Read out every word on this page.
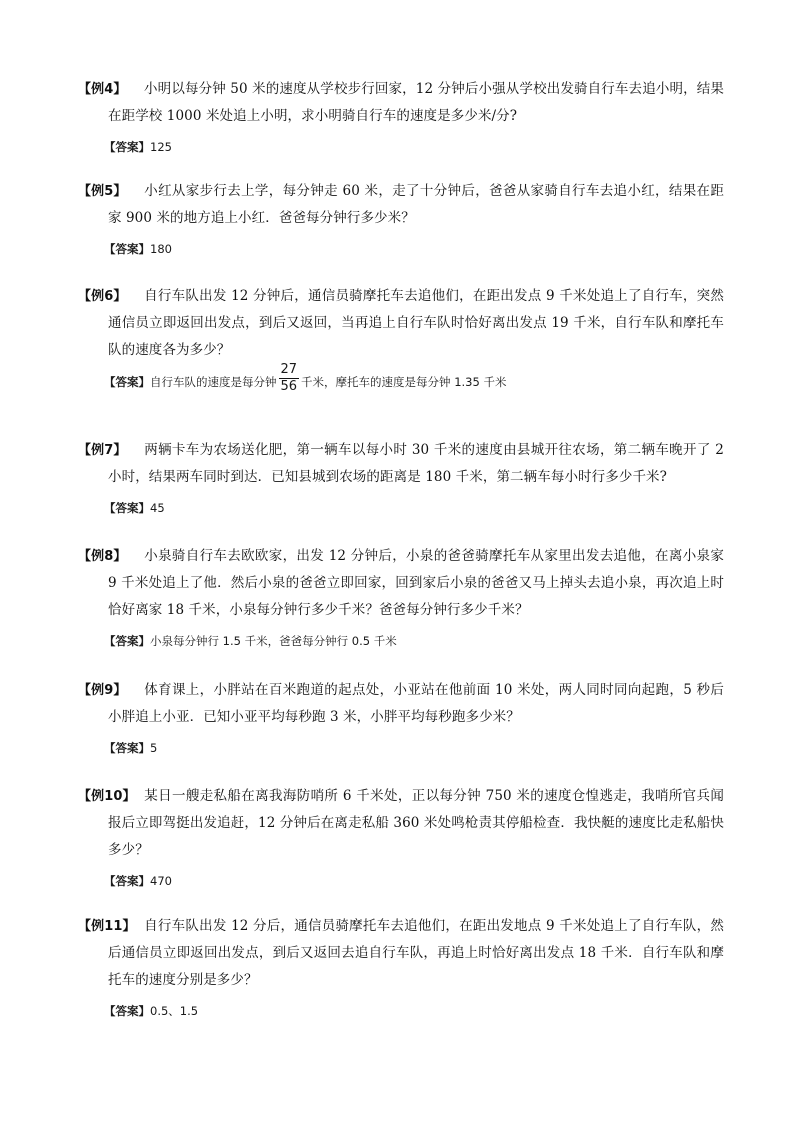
【例4】 小明以每分钟 50 米的速度从学校步行回家，12 分钟后小强从学校出发骑自行车去追小明，结果在距学校 1000 米处追上小明，求小明骑自行车的速度是多少米/分?

【答案】125

【例5】 小红从家步行去上学，每分钟走 60 米，走了十分钟后，爸爸从家骑自行车去追小红，结果在距家 900 米的地方追上小红．爸爸每分钟行多少米？

【答案】180

【例6】 自行车队出发 12 分钟后，通信员骑摩托车去追他们，在距出发点 9 千米处追上了自行车，突然通信员立即返回出发点，到后又返回，当再追上自行车队时恰好离出发点 19 千米，自行车队和摩托车队的速度各为多少？

【答案】自行车队的速度是每分钟 $\frac{27}{56}$ 千米，摩托车的速度是每分钟 1.35 千米

【例7】 两辆卡车为农场送化肥，第一辆车以每小时 30 千米的速度由县城开往农场，第二辆车晚开了 2 小时，结果两车同时到达．已知县城到农场的距离是 180 千米，第二辆车每小时行多少千米?

【答案】45

【例8】 小泉骑自行车去欧欧家，出发 12 分钟后，小泉的爸爸骑摩托车从家里出发去追他，在离小泉家 9 千米处追上了他．然后小泉的爸爸立即回家，回到家后小泉的爸爸又马上掉头去追小泉，再次追上时恰好离家 18 千米，小泉每分钟行多少千米？爸爸每分钟行多少千米？

【答案】小泉每分钟行 1.5 千米，爸爸每分钟行 0.5 千米

【例9】 体育课上，小胖站在百米跑道的起点处，小亚站在他前面 10 米处，两人同时同向起跑，5 秒后小胖追上小亚．已知小亚平均每秒跑 3 米，小胖平均每秒跑多少米？

【答案】5

【例10】 某日一艘走私船在离我海防哨所 6 千米处，正以每分钟 750 米的速度仓惶逃走，我哨所官兵闻报后立即驾挺出发追赶，12 分钟后在离走私船 360 米处鸣枪责其停船检查．我快艇的速度比走私船快多少？

【答案】470

【例11】 自行车队出发 12 分后，通信员骑摩托车去追他们，在距出发地点 9 千米处追上了自行车队，然后通信员立即返回出发点，到后又返回去追自行车队，再追上时恰好离出发点 18 千米．自行车队和摩托车的速度分别是多少？

【答案】0.5、1.5
